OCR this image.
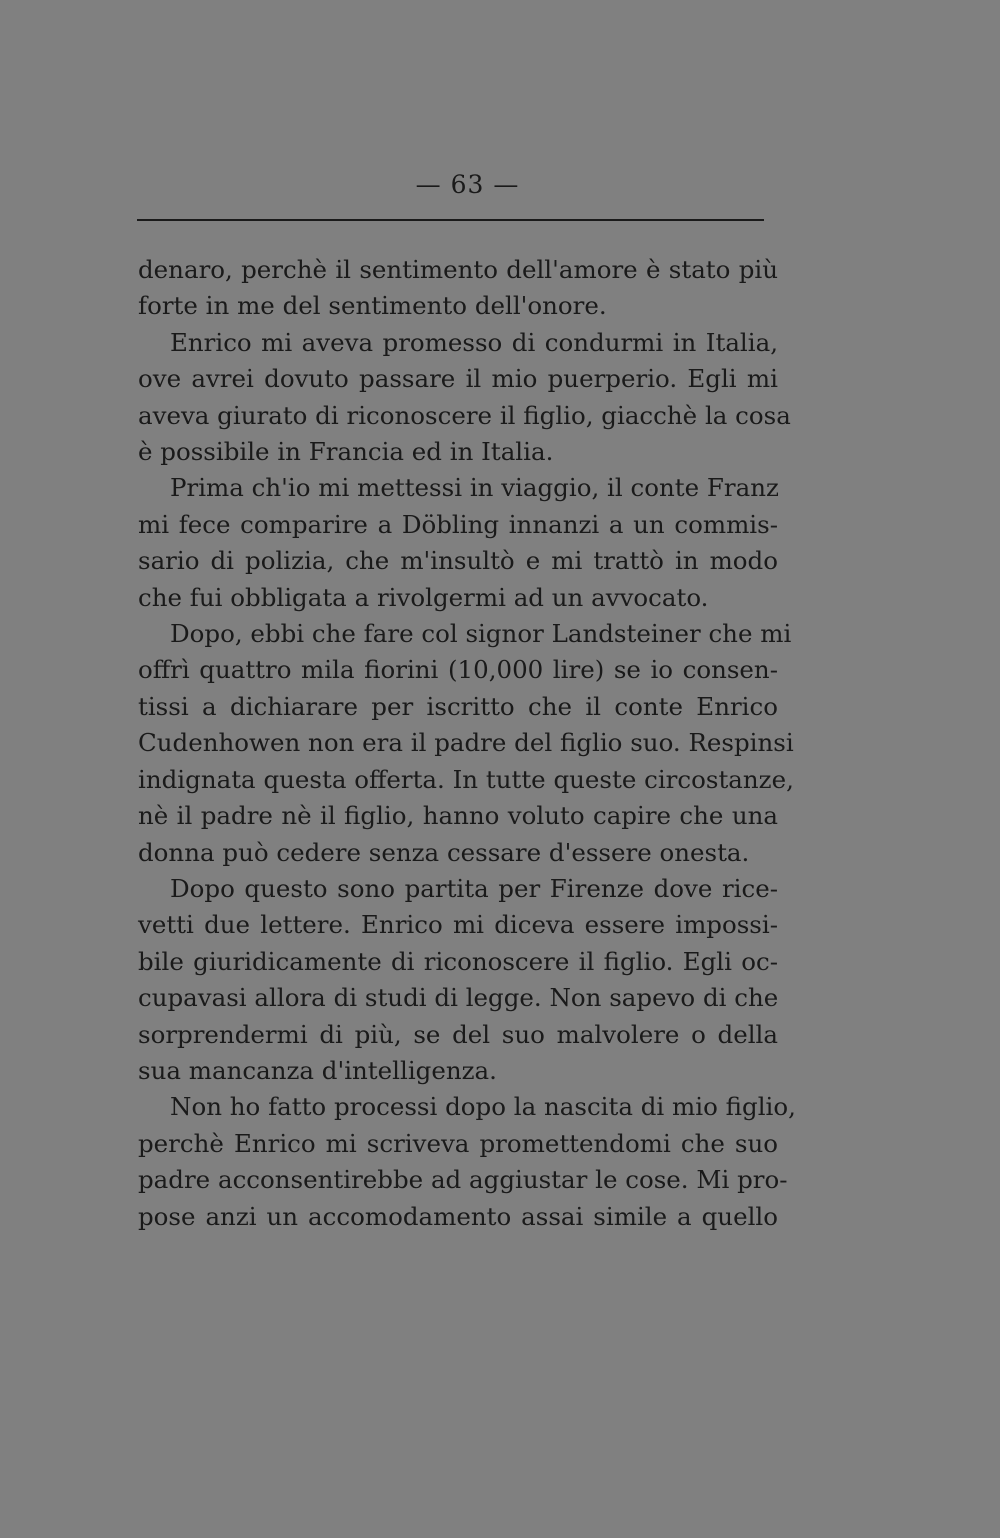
— 63 —
denaro, perchè il sentimento dell'amore è stato più
forte in me del sentimento dell'onore.
Enrico mi aveva promesso di condurmi in Italia,
ove avrei dovuto passare il mio puerperio. Egli mi
aveva giurato di riconoscere il figlio, giacchè la cosa
è possibile in Francia ed in Italia.
Prima ch'io mi mettessi in viaggio, il conte Franz
mi fece comparire a Döbling innanzi a un commis-
sario di polizia, che m'insultò e mi trattò in modo
che fui obbligata a rivolgermi ad un avvocato.
Dopo, ebbi che fare col signor Landsteiner che mi
offrì quattro mila fiorini (10,000 lire) se io consen-
tissi a dichiarare per iscritto che il conte Enrico
Cudenhowen non era il padre del figlio suo. Respinsi
indignata questa offerta. In tutte queste circostanze,
nè il padre nè il figlio, hanno voluto capire che una
donna può cedere senza cessare d'essere onesta.
Dopo questo sono partita per Firenze dove rice-
vetti due lettere. Enrico mi diceva essere impossi-
bile giuridicamente di riconoscere il figlio. Egli oc-
cupavasi allora di studi di legge. Non sapevo di che
sorprendermi di più, se del suo malvolere o della
sua mancanza d'intelligenza.
Non ho fatto processi dopo la nascita di mio figlio,
perchè Enrico mi scriveva promettendomi che suo
padre acconsentirebbe ad aggiustar le cose. Mi pro-
pose anzi un accomodamento assai simile a quello
